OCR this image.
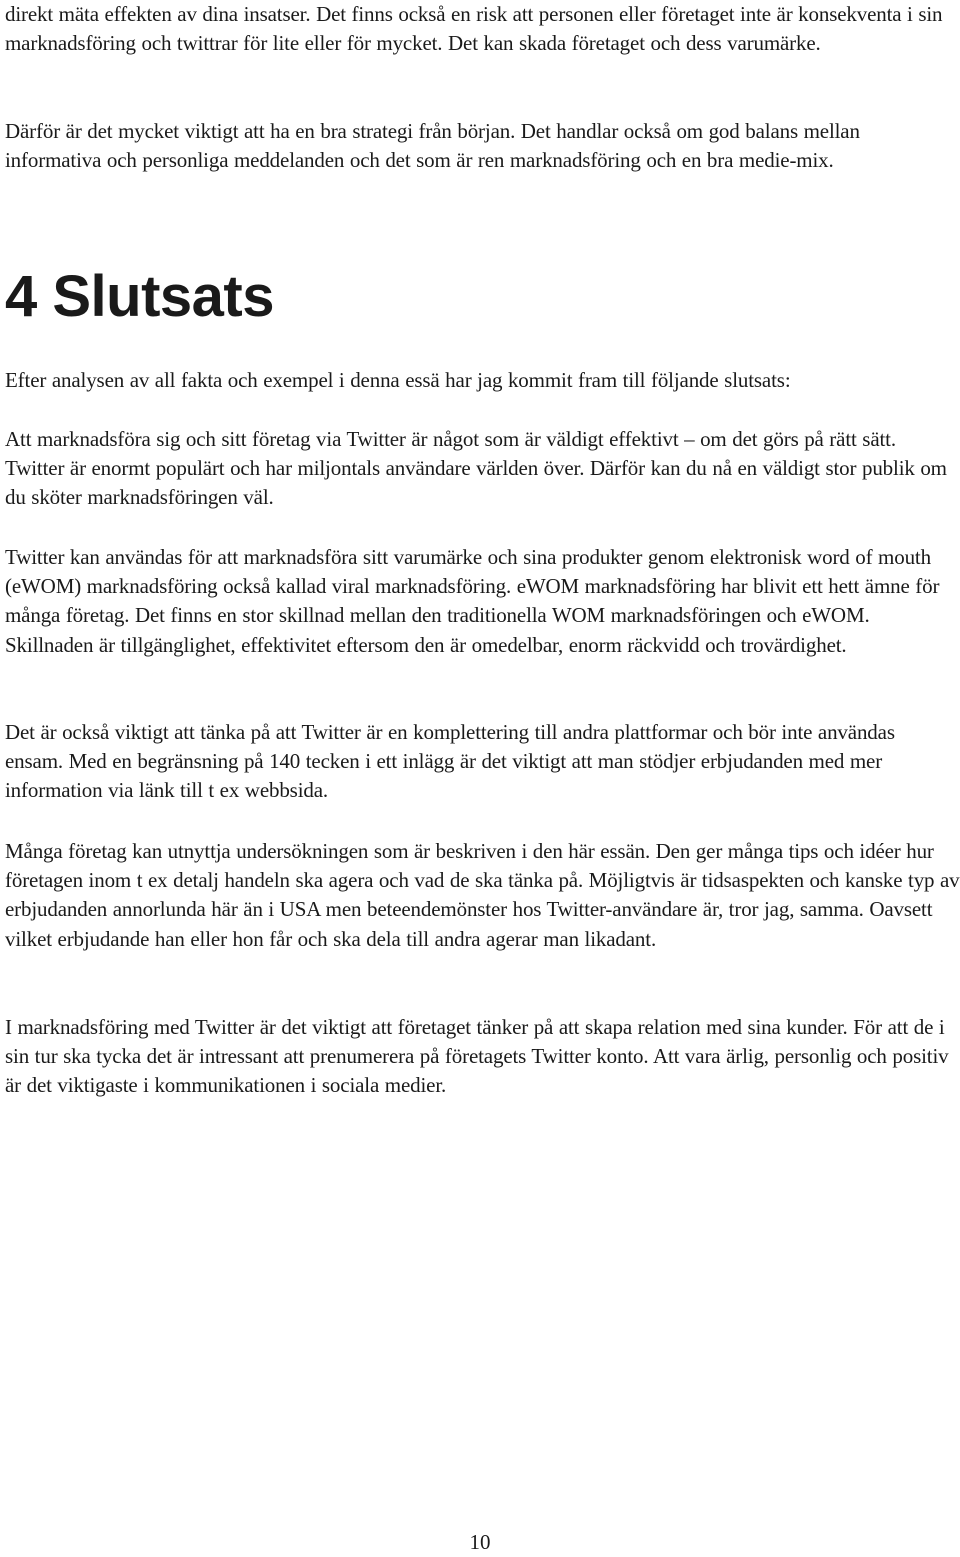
direkt mäta effekten av dina insatser. Det finns också en risk att personen eller företaget inte är konsekventa i sin marknadsföring och twittrar för lite eller för mycket. Det kan skada företaget och dess varumärke.

Därför är det mycket viktigt att ha en bra strategi från början. Det handlar också om god balans mellan informativa och personliga meddelanden och det som är ren marknadsföring och en bra medie-mix.

4 Slutsats

Efter analysen av all fakta och exempel i denna essä har jag kommit fram till följande slutsats:

Att marknadsföra sig och sitt företag via Twitter är något som är väldigt effektivt – om det görs på rätt sätt. Twitter är enormt populärt och har miljontals användare världen över. Därför kan du nå en väldigt stor publik om du sköter marknadsföringen väl.

Twitter kan användas för att marknadsföra sitt varumärke och sina produkter genom elektronisk word of mouth (eWOM) marknadsföring också kallad viral marknadsföring. eWOM marknadsföring har blivit ett hett ämne för många företag. Det finns en stor skillnad mellan den traditionella WOM marknadsföringen och eWOM. Skillnaden är tillgänglighet, effektivitet eftersom den är omedelbar, enorm räckvidd och trovärdighet.

Det är också viktigt att tänka på att Twitter är en komplettering till andra plattformar och bör inte användas ensam. Med en begränsning på 140 tecken i ett inlägg är det viktigt att man stödjer erbjudanden med mer information via länk till t ex webbsida.

Många företag kan utnyttja undersökningen som är beskriven i den här essän. Den ger många tips och idéer hur företagen inom t ex detalj handeln ska agera och vad de ska tänka på. Möjligtvis är tidsaspekten och kanske typ av erbjudanden annorlunda här än i USA men beteendemönster hos Twitter-användare är, tror jag, samma. Oavsett vilket erbjudande han eller hon får och ska dela till andra agerar man likadant.

I marknadsföring med Twitter är det viktigt att företaget tänker på att skapa relation med sina kunder. För att de i sin tur ska tycka det är intressant att prenumerera på företagets Twitter konto. Att vara ärlig, personlig och positiv är det viktigaste i kommunikationen i sociala medier.

10
